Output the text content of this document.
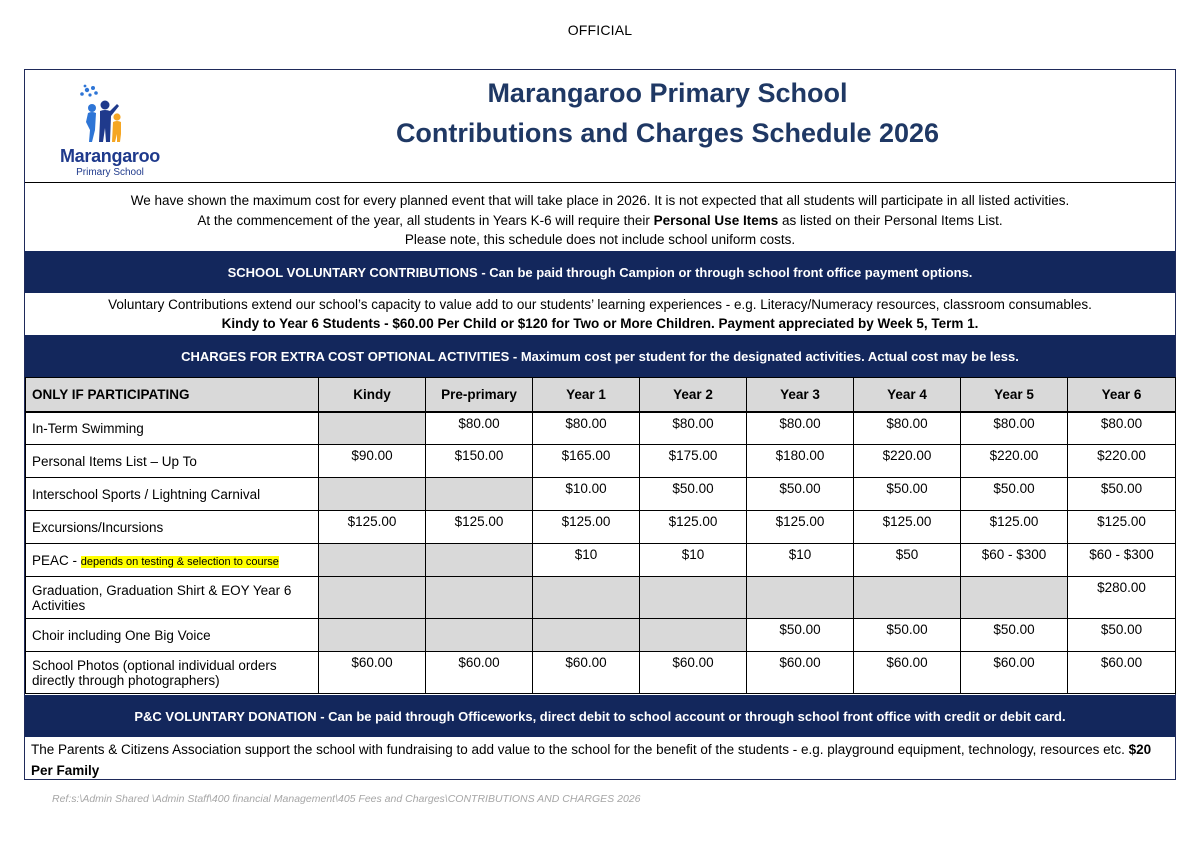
OFFICIAL
Marangaroo
Primary School
Marangaroo Primary School
Contributions and Charges Schedule 2026
We have shown the maximum cost for every planned event that will take place in 2026. It is not expected that all students will participate in all listed activities.
At the commencement of the year, all students in Years K-6 will require their Personal Use Items as listed on their Personal Items List.
Please note, this schedule does not include school uniform costs.
SCHOOL VOLUNTARY CONTRIBUTIONS - Can be paid through Campion or through school front office payment options.
Voluntary Contributions extend our school’s capacity to value add to our students’ learning experiences - e.g. Literacy/Numeracy resources, classroom consumables.
Kindy to Year 6 Students - $60.00 Per Child or $120 for Two or More Children. Payment appreciated by Week 5, Term 1.
CHARGES FOR EXTRA COST OPTIONAL ACTIVITIES - Maximum cost per student for the designated activities. Actual cost may be less.
ONLY IF PARTICIPATING	Kindy	Pre-primary	Year 1	Year 2	Year 3	Year 4	Year 5	Year 6
In-Term Swimming		$80.00	$80.00	$80.00	$80.00	$80.00	$80.00	$80.00
Personal Items List – Up To	$90.00	$150.00	$165.00	$175.00	$180.00	$220.00	$220.00	$220.00
Interschool Sports / Lightning Carnival			$10.00	$50.00	$50.00	$50.00	$50.00	$50.00
Excursions/Incursions	$125.00	$125.00	$125.00	$125.00	$125.00	$125.00	$125.00	$125.00
PEAC - depends on testing & selection to course			$10	$10	$10	$50	$60 - $300	$60 - $300
Graduation, Graduation Shirt & EOY Year 6 Activities								$280.00
Choir including One Big Voice					$50.00	$50.00	$50.00	$50.00
School Photos (optional individual orders directly through photographers)	$60.00	$60.00	$60.00	$60.00	$60.00	$60.00	$60.00	$60.00
P&C VOLUNTARY DONATION - Can be paid through Officeworks, direct debit to school account or through school front office with credit or debit card.
The Parents & Citizens Association support the school with fundraising to add value to the school for the benefit of the students - e.g. playground equipment, technology, resources etc. $20 Per Family
Ref:s:\Admin Shared \Admin Staff\400 financial Management\405 Fees and Charges\CONTRIBUTIONS AND CHARGES 2026
